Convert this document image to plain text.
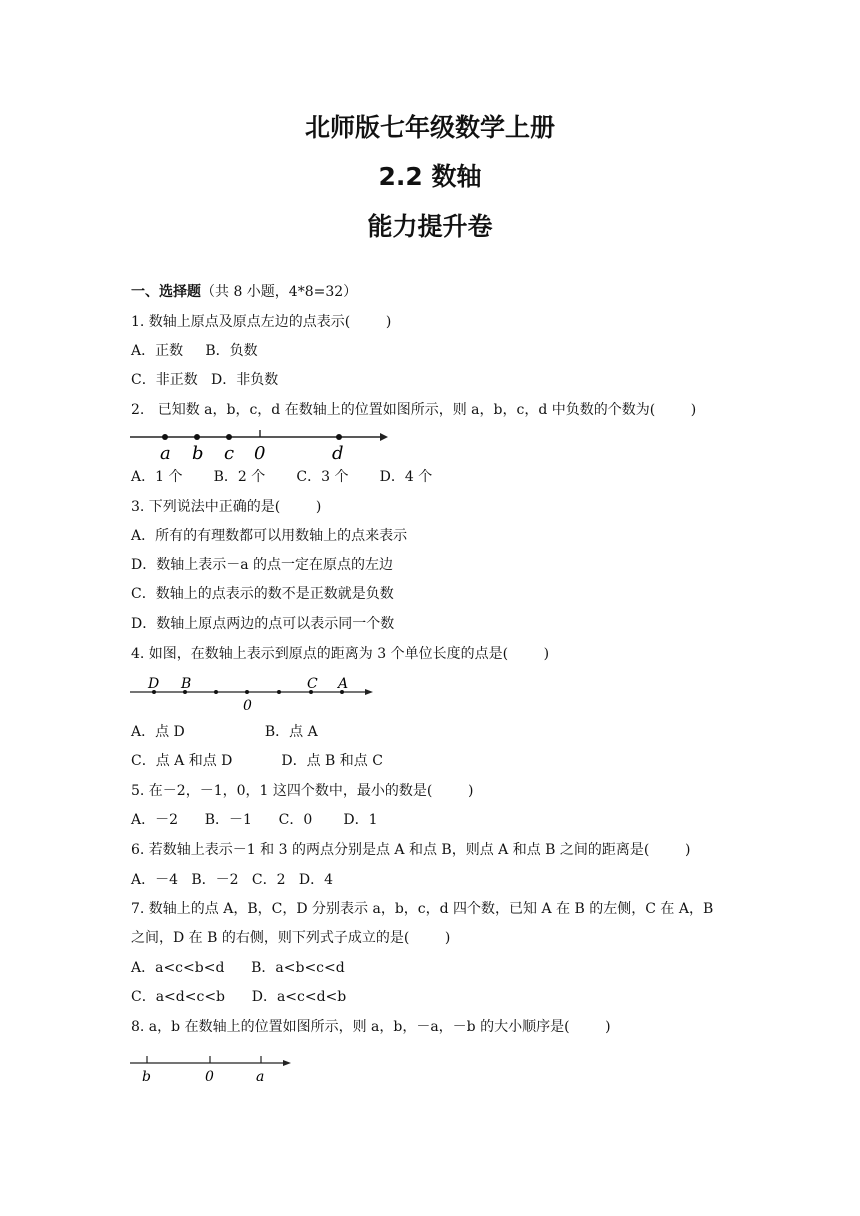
北师版七年级数学上册
2.2 数轴
能力提升卷
一、选择题（共 8 小题，4*8=32）
1. 数轴上原点及原点左边的点表示(        )
A．正数     B．负数
C．非正数   D．非负数
2.   已知数 a，b，c，d 在数轴上的位置如图所示，则 a，b，c，d 中负数的个数为(        )
a b c 0	d
A．1 个       B．2 个       C．3 个       D．4 个
3. 下列说法中正确的是(        )
A．所有的有理数都可以用数轴上的点来表示
D．数轴上表示－a 的点一定在原点的左边
C．数轴上的点表示的数不是正数就是负数
D．数轴上原点两边的点可以表示同一个数
4. 如图，在数轴上表示到原点的距离为 3 个单位长度的点是(        )
D B
0
C A
A．点 D                  B．点 A
C．点 A 和点 D           D．点 B 和点 C
5. 在－2，－1，0，1 这四个数中，最小的数是(        )
A．－2      B．－1      C．0       D．1
6. 若数轴上表示－1 和 3 的两点分别是点 A 和点 B，则点 A 和点 B 之间的距离是(        )
A．－4   B．－2   C．2   D．4
7. 数轴上的点 A，B，C，D 分别表示 a，b，c，d 四个数，已知 A 在 B 的左侧，C 在 A，B
之间，D 在 B 的右侧，则下列式子成立的是(        )
A．a<c<b<d      B．a<b<c<d
C．a<d<c<b      D．a<c<d<b
8. a，b 在数轴上的位置如图所示，则 a，b，－a，－b 的大小顺序是(        )
b	0	a
